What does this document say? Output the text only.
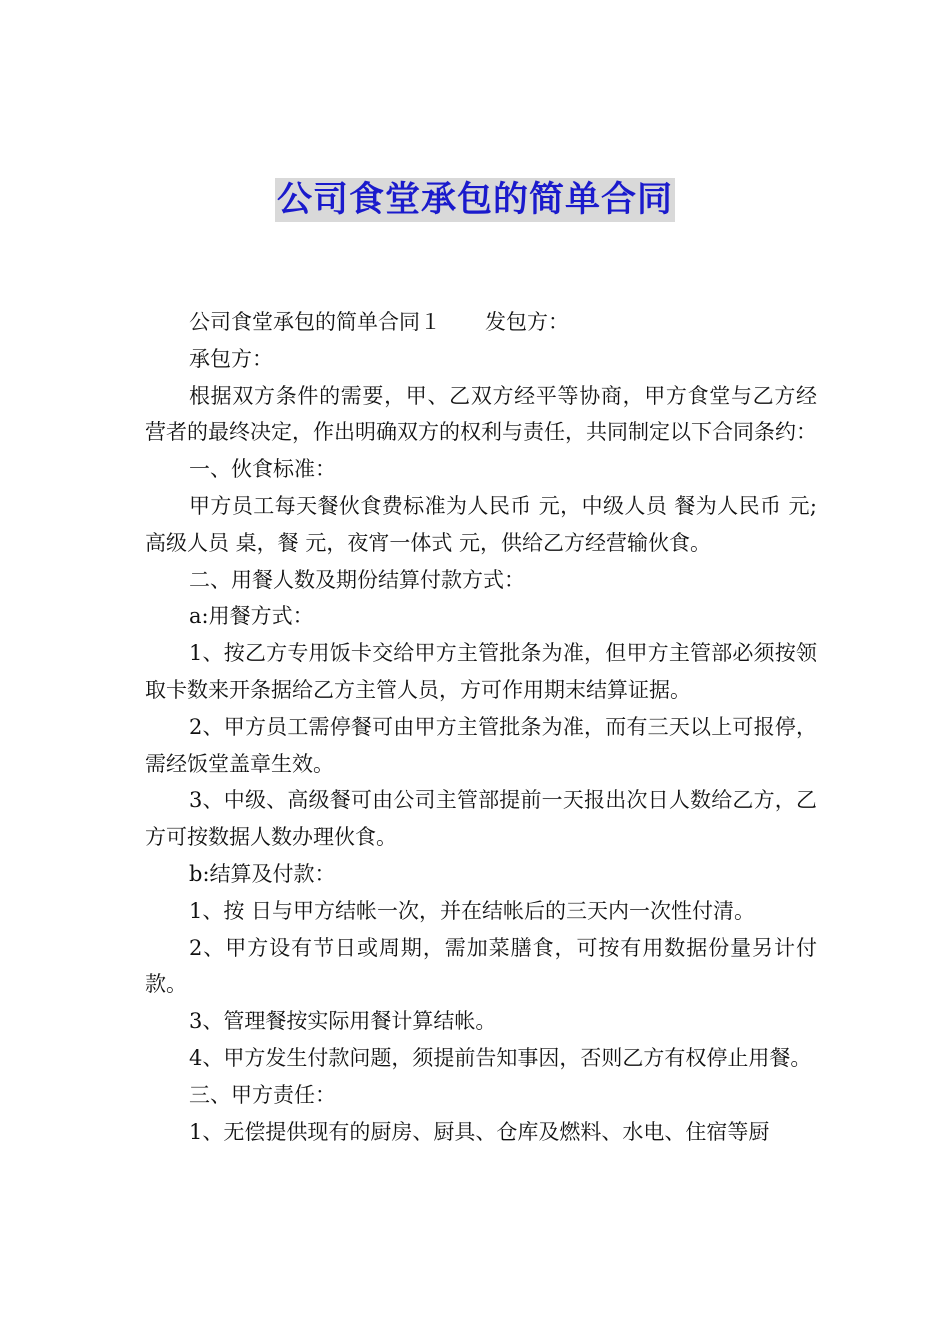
公司食堂承包的简单合同

公司食堂承包的简单合同１ 发包方：

承包方：

根据双方条件的需要，甲、乙双方经平等协商，甲方食堂与乙方经营者的最终决定，作出明确双方的权利与责任，共同制定以下合同条约：

一、伙食标准：

甲方员工每天餐伙食费标准为人民币 元，中级人员 餐为人民币 元;高级人员 桌，餐 元，夜宵一体式 元，供给乙方经营输伙食。

二、用餐人数及期份结算付款方式：

a:用餐方式：

1、按乙方专用饭卡交给甲方主管批条为准，但甲方主管部必须按领取卡数来开条据给乙方主管人员，方可作用期末结算证据。

2、甲方员工需停餐可由甲方主管批条为准，而有三天以上可报停，需经饭堂盖章生效。

3、中级、高级餐可由公司主管部提前一天报出次日人数给乙方，乙方可按数据人数办理伙食。

b:结算及付款：

1、按 日与甲方结帐一次，并在结帐后的三天内一次性付清。

2、甲方设有节日或周期，需加菜膳食，可按有用数据份量另计付款。

3、管理餐按实际用餐计算结帐。

4、甲方发生付款问题，须提前告知事因，否则乙方有权停止用餐。

三、甲方责任：

1、无偿提供现有的厨房、厨具、仓库及燃料、水电、住宿等厨
